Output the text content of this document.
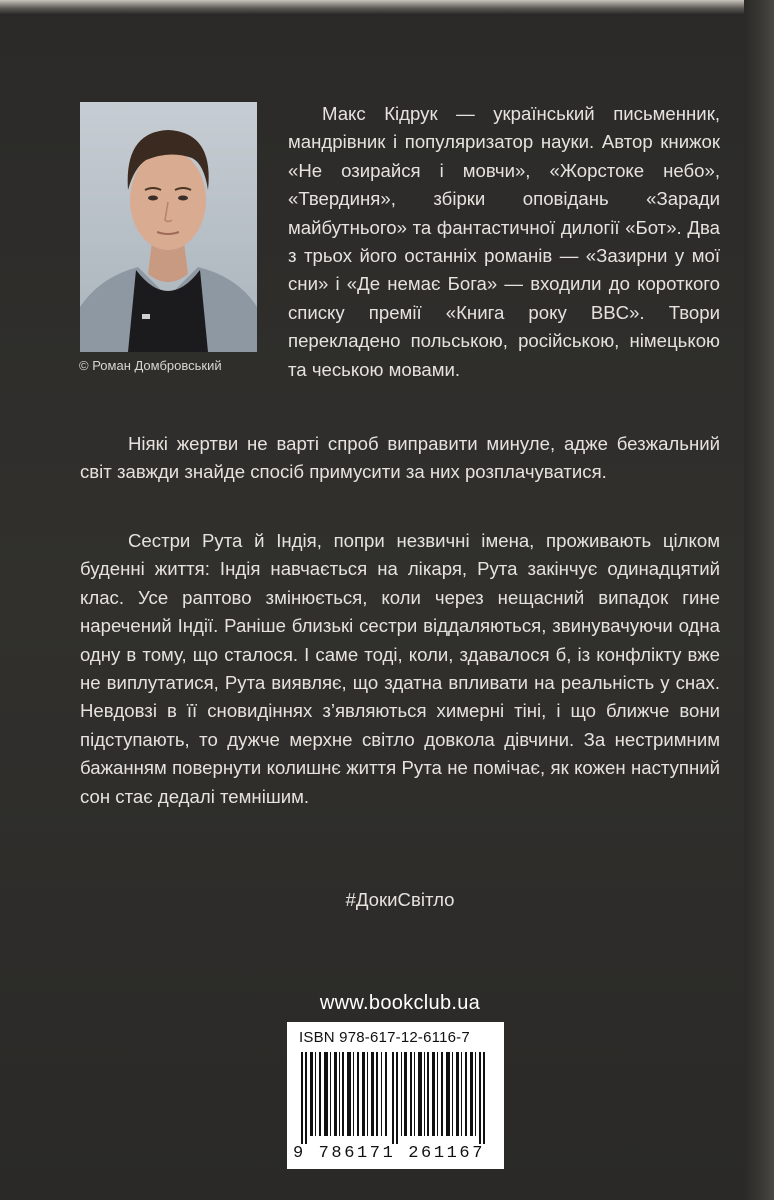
© Роман Домбровський

Макс Кідрук — український письменник, мандрівник і популяризатор науки. Автор книжок «Не озирайся і мовчи», «Жорстоке небо», «Твердиня», збірки оповідань «Заради майбутнього» та фантастичної дилогії «Бот». Два з трьох його останніх романів — «Зазирни у мої сни» і «Де немає Бога» — входили до короткого списку премії «Книга року BBC». Твори перекладено польською, російською, німецькою та чеською мовами.

Ніякі жертви не варті спроб виправити минуле, адже безжальний світ завжди знайде спосіб примусити за них розплачуватися.

Сестри Рута й Індія, попри незвичні імена, проживають цілком буденні життя: Індія навчається на лікаря, Рута закінчує одинадцятий клас. Усе раптово змінюється, коли через нещасний випадок гине наречений Індії. Раніше близькі сестри віддаляються, звинувачуючи одна одну в тому, що сталося. І саме тоді, коли, здавалося б, із конфлікту вже не виплутатися, Рута виявляє, що здатна впливати на реальність у снах. Невдовзі в її сновидіннях з’являються химерні тіні, і що ближче вони підступають, то дужче мерхне світло довкола дівчини. За нестримним бажанням повернути колишнє життя Рута не помічає, як кожен наступний сон стає дедалі темнішим.

#ДокиСвітло
www.bookclub.ua
ISBN 978-617-12-6116-7
9 786171 261167
